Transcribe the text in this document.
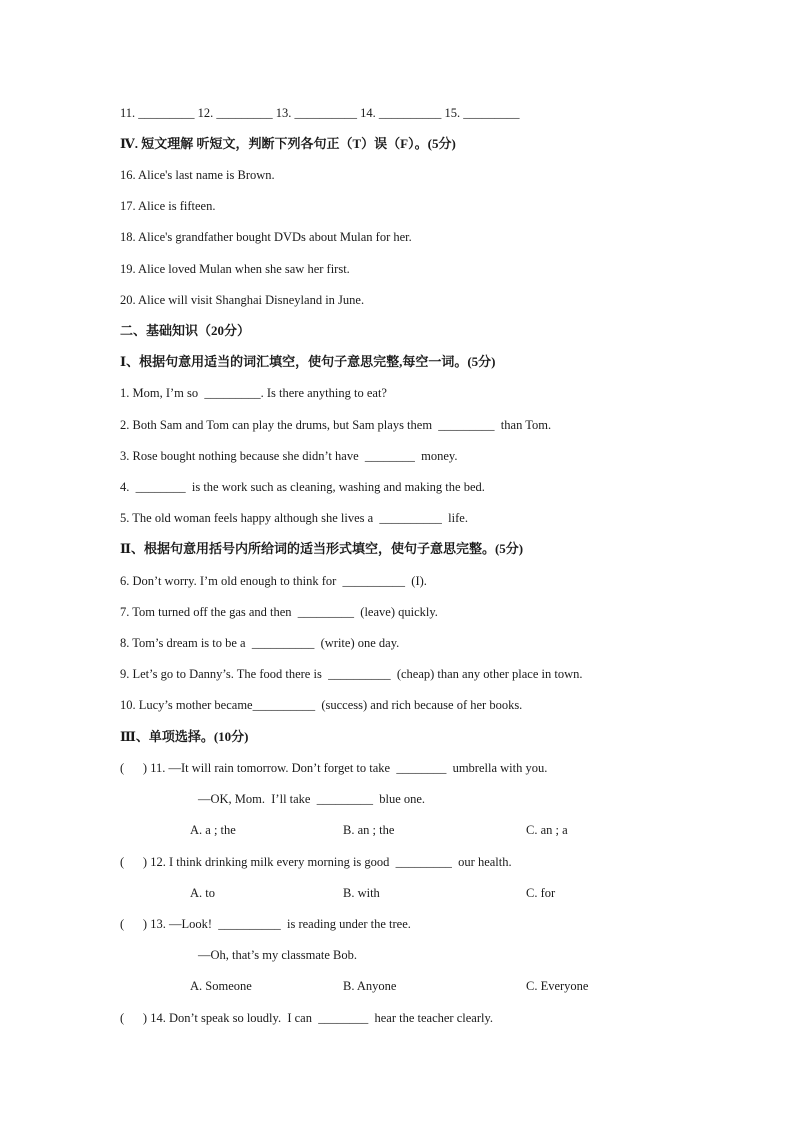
11. _________ 12. _________ 13. __________ 14. __________ 15. _________
Ⅳ. 短文理解 听短文，判断下列各句正（T）误（F）。(5分)
16. Alice's last name is Brown.
17. Alice is fifteen.
18. Alice's grandfather bought DVDs about Mulan for her.
19. Alice loved Mulan when she saw her first.
20. Alice will visit Shanghai Disneyland in June.
二、基础知识（20分）
Ⅰ、根据句意用适当的词汇填空，使句子意思完整,每空一词。(5分)
1. Mom, I’m so  _________. Is there anything to eat?
2. Both Sam and Tom can play the drums, but Sam plays them  _________  than Tom.
3. Rose bought nothing because she didn’t have  ________  money.
4.  ________  is the work such as cleaning, washing and making the bed.
5. The old woman feels happy although she lives a  __________  life.
Ⅱ、根据句意用括号内所给词的适当形式填空，使句子意思完整。(5分)
6. Don’t worry. I’m old enough to think for  __________  (I).
7. Tom turned off the gas and then  _________  (leave) quickly.
8. Tom’s dream is to be a  __________  (write) one day.
9. Let’s go to Danny’s. The food there is  __________  (cheap) than any other place in town.
10. Lucy’s mother became__________  (success) and rich because of her books.
Ⅲ、单项选择。(10分)
(      ) 11. —It will rain tomorrow. Don’t forget to take  ________  umbrella with you.
—OK, Mom.  I’ll take  _________  blue one.
A. a ; the	B. an ; the	C. an ; a
(      ) 12. I think drinking milk every morning is good  _________  our health.
A. to	B. with	C. for
(      ) 13. —Look!  __________  is reading under the tree.
—Oh, that’s my classmate Bob.
A. Someone	B. Anyone	C. Everyone
(      ) 14. Don’t speak so loudly.  I can  ________  hear the teacher clearly.
